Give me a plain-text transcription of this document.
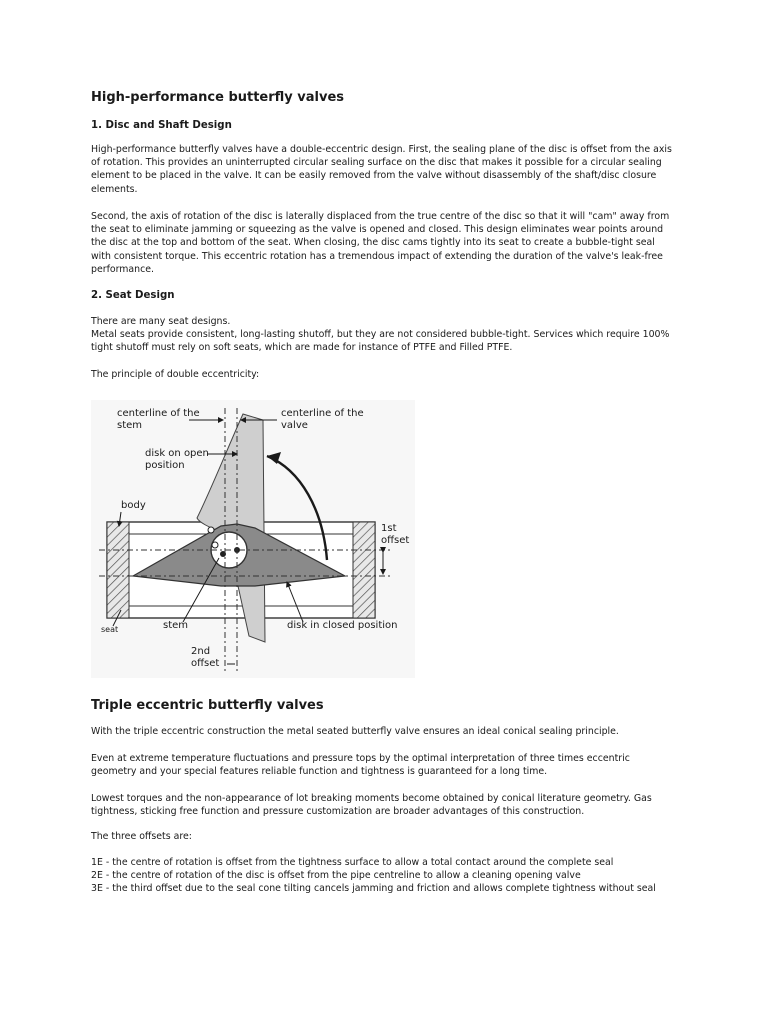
High-performance butterfly valves
1. Disc and Shaft Design
High-performance butterfly valves have a double-eccentric design. First, the sealing plane of the disc is offset from the axis
of rotation. This provides an uninterrupted circular sealing surface on the disc that makes it possible for a circular sealing
element to be placed in the valve. It can be easily removed from the valve without disassembly of the shaft/disc closure
elements.
Second, the axis of rotation of the disc is laterally displaced from the true centre of the disc so that it will "cam" away from
the seat to eliminate jamming or squeezing as the valve is opened and closed. This design eliminates wear points around
the disc at the top and bottom of the seat. When closing, the disc cams tightly into its seat to create a bubble-tight seal
with consistent torque. This eccentric rotation has a tremendous impact of extending the duration of the valve's leak-free
performance.
2. Seat Design
There are many seat designs.
Metal seats provide consistent, long-lasting shutoff, but they are not considered bubble-tight. Services which require 100%
tight shutoff must rely on soft seats, which are made for instance of PTFE and Filled PTFE.
The principle of double eccentricity:
Triple eccentric butterfly valves
With the triple eccentric construction the metal seated butterfly valve ensures an ideal conical sealing principle.
Even at extreme temperature fluctuations and pressure tops by the optimal interpretation of three times eccentric
geometry and your special features reliable function and tightness is guaranteed for a long time.
Lowest torques and the non-appearance of lot breaking moments become obtained by conical literature geometry. Gas
tightness, sticking free function and pressure customization are broader advantages of this construction.
The three offsets are:
1E - the centre of rotation is offset from the tightness surface to allow a total contact around the complete seal
2E - the centre of rotation of the disc is offset from the pipe centreline to allow a cleaning opening valve
3E - the third offset due to the seal cone tilting cancels jamming and friction and allows complete tightness without seal
centerline of the
stem
centerline of the
valve
disk on open
position
body
1st
offset
seat	stem	disk in closed position
2nd
offset
